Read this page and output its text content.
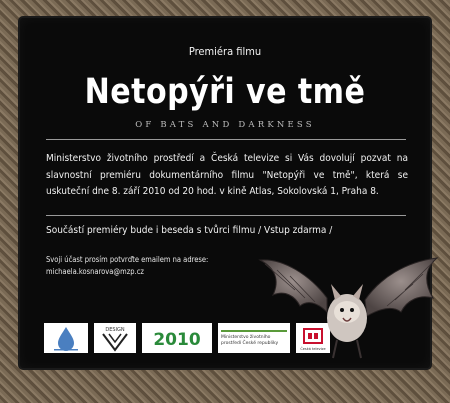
Premiéra filmu
Netopýři ve tmě
OF BATS AND DARKNESS
Ministerstvo životního prostředí a Česká televize si Vás dovolují pozvat na slavnostní premiéru dokumentárního filmu "Netopýři ve tmě", která se uskuteční dne 8. září 2010 od 20 hod. v kině Atlas, Sokolovská 1, Praha 8.
Součástí premiéry bude i beseda s tvůrci filmu / Vstup zdarma /
Svoji účast prosím potvrďte emailem na adrese:
michaela.kosnarova@mzp.cz
DESIGN 2010	Ministerstvo životního prostředí České republiky
Česká televize
